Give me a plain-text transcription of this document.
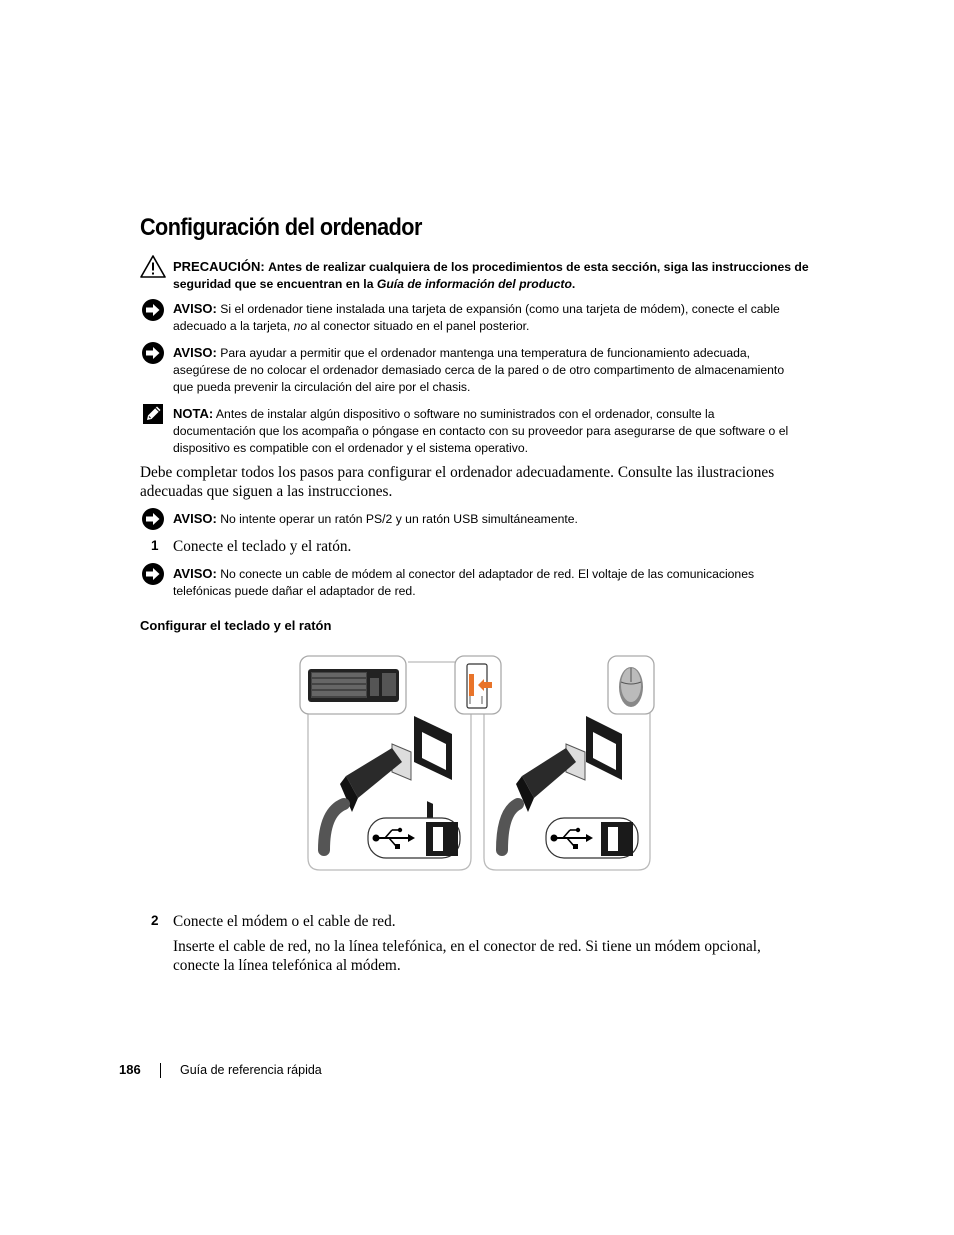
Configuración del ordenador
PRECAUCIÓN: Antes de realizar cualquiera de los procedimientos de esta sección, siga las instrucciones de
seguridad que se encuentran en la Guía de información del producto.
AVISO: Si el ordenador tiene instalada una tarjeta de expansión (como una tarjeta de módem), conecte el cable
adecuado a la tarjeta, no al conector situado en el panel posterior.
AVISO: Para ayudar a permitir que el ordenador mantenga una temperatura de funcionamiento adecuada,
asegúrese de no colocar el ordenador demasiado cerca de la pared o de otro compartimento de almacenamiento
que pueda prevenir la circulación del aire por el chasis.
NOTA: Antes de instalar algún dispositivo o software no suministrados con el ordenador, consulte la
documentación que los acompaña o póngase en contacto con su proveedor para asegurarse de que software o el
dispositivo es compatible con el ordenador y el sistema operativo.
Debe completar todos los pasos para configurar el ordenador adecuadamente. Consulte las ilustraciones
adecuadas que siguen a las instrucciones.
AVISO: No intente operar un ratón PS/2 y un ratón USB simultáneamente.
1 Conecte el teclado y el ratón.
AVISO: No conecte un cable de módem al conector del adaptador de red. El voltaje de las comunicaciones
telefónicas puede dañar el adaptador de red.
Configurar el teclado y el ratón
2 Conecte el módem o el cable de red.
Inserte el cable de red, no la línea telefónica, en el conector de red. Si tiene un módem opcional,
conecte la línea telefónica al módem.
186	Guía de referencia rápida
